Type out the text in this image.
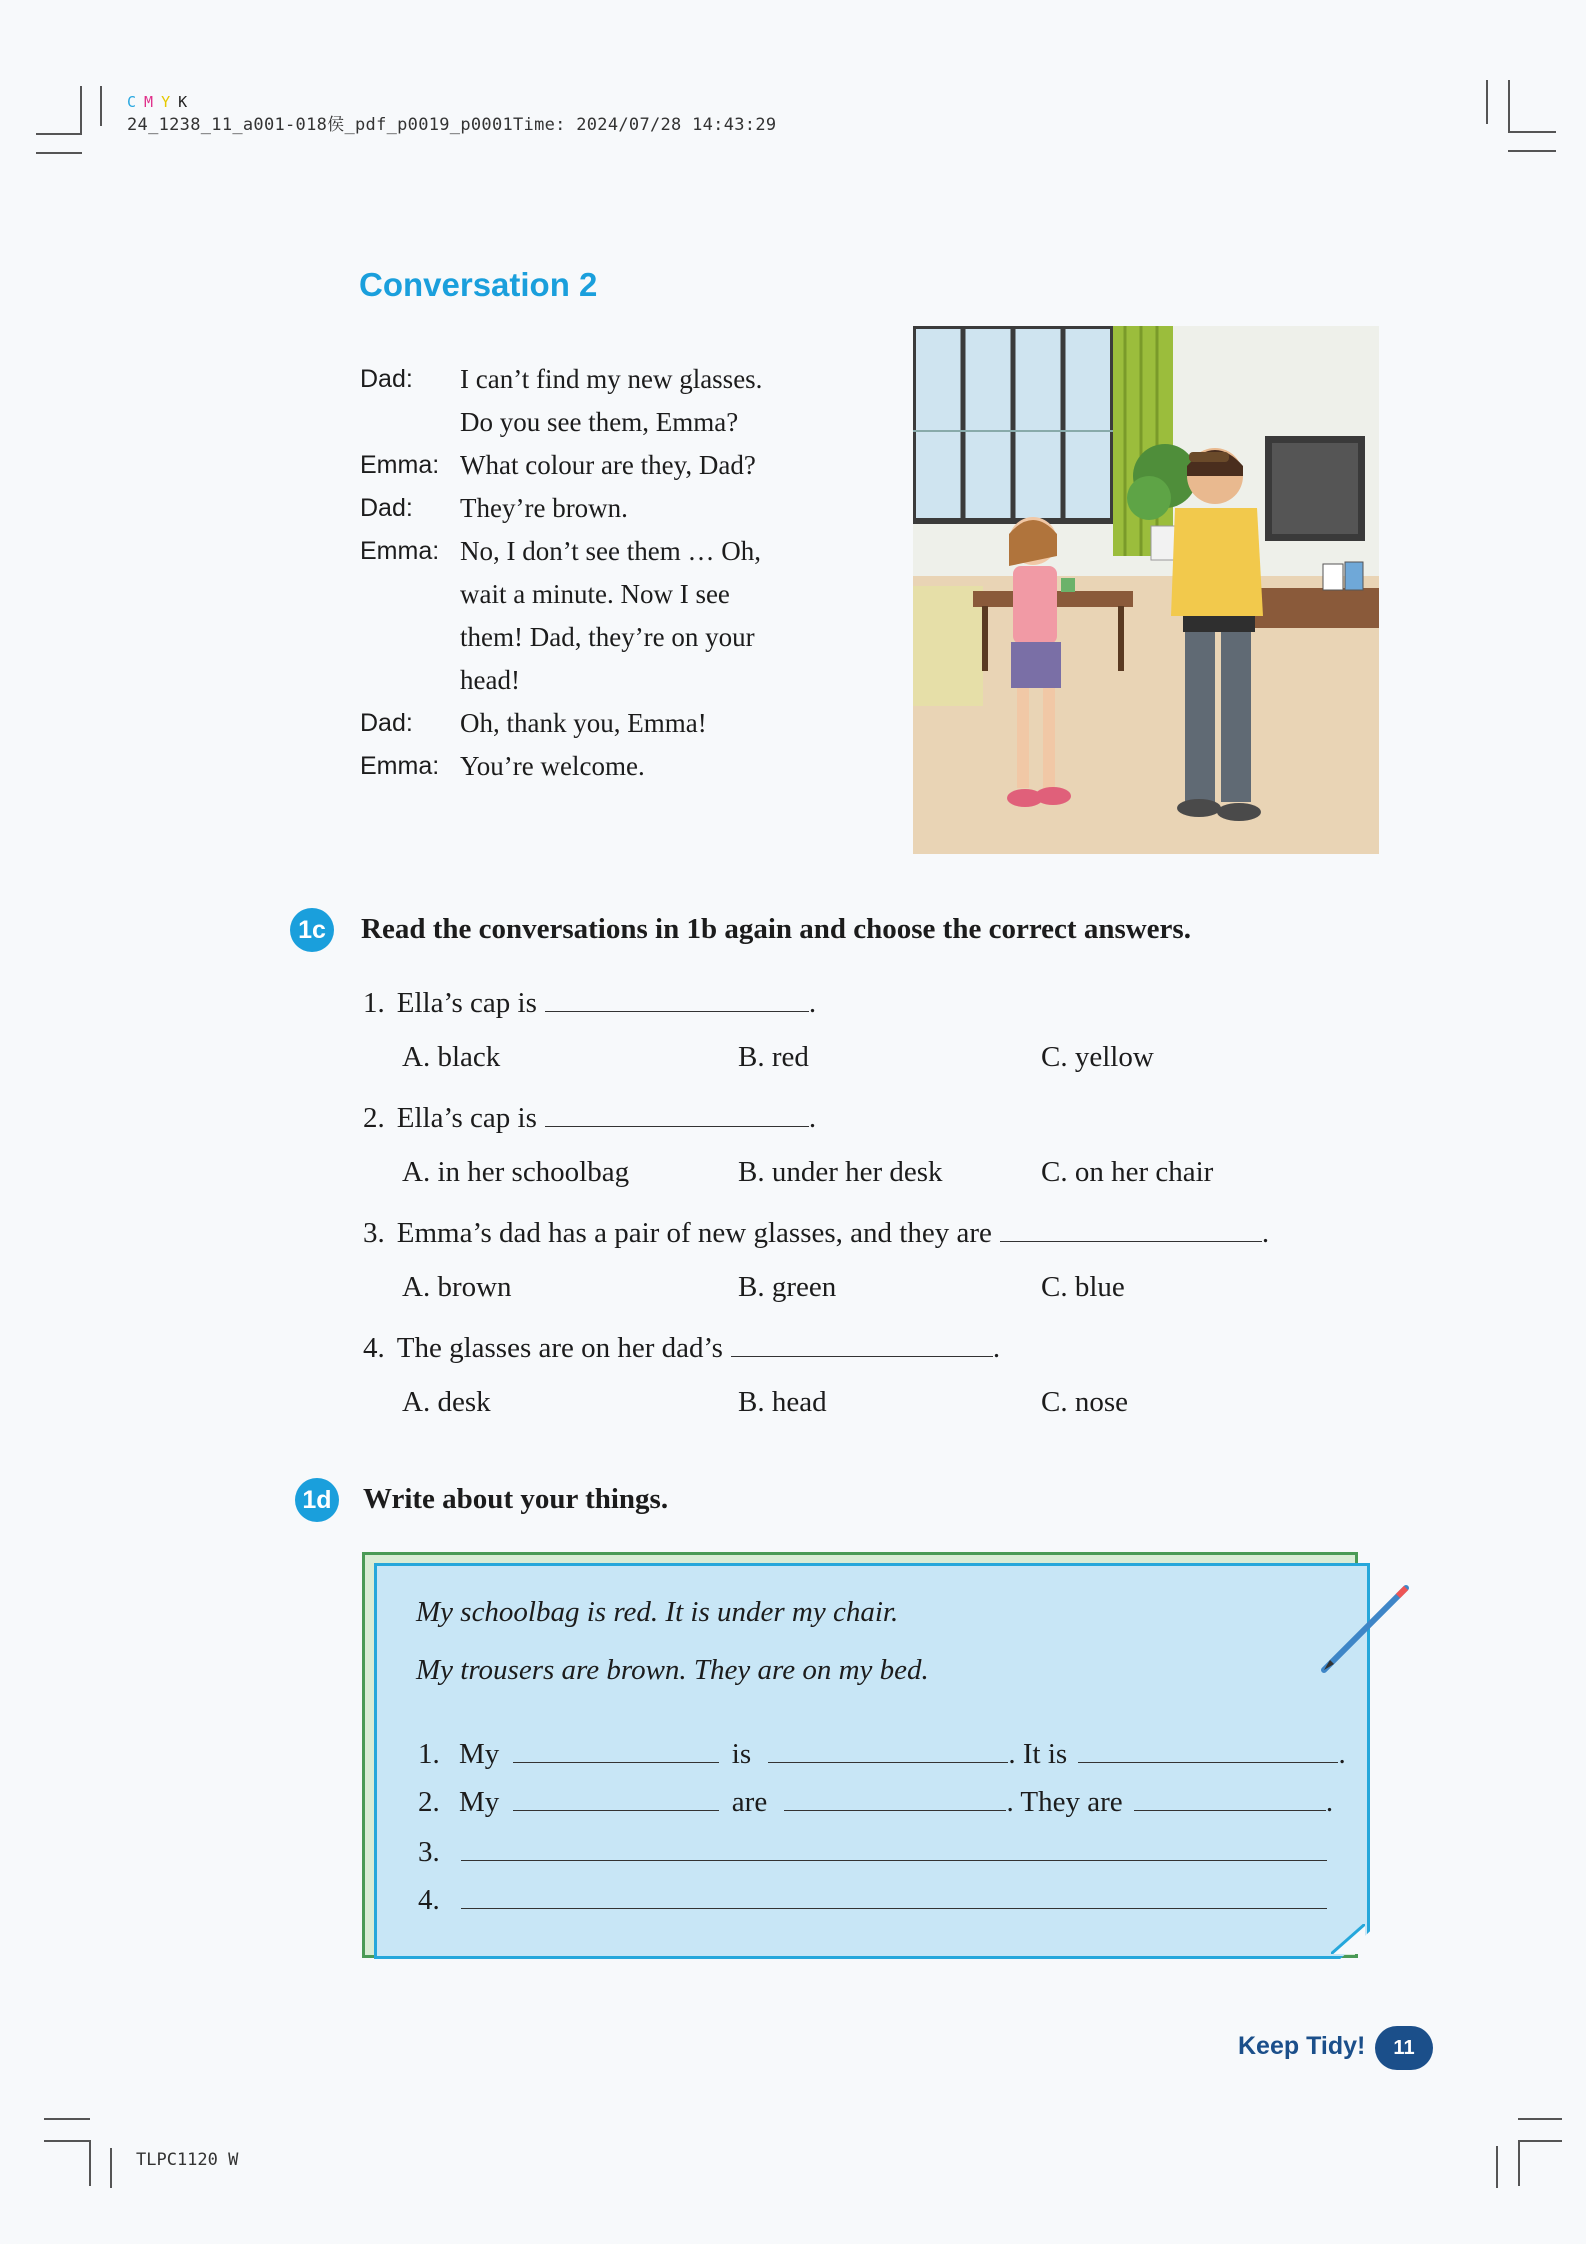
C M Y K
24_1238_11_a001-018侯_pdf_p0019_p0001Time: 2024/07/28 14:43:29
Conversation 2
Dad:	I can’t find my new glasses.
Do you see them, Emma?
Emma: What colour are they, Dad?
Dad:	They’re brown.
Emma: No, I don’t see them … Oh,
wait a minute. Now I see
them! Dad, they’re on your
head!
Dad:	Oh, thank you, Emma!
Emma: You’re welcome.
1c Read the conversations in 1b again and choose the correct answers.
1. Ella’s cap is	.
A. black	B. red	C. yellow
2. Ella’s cap is	.
A. in her schoolbag	B. under her desk	C. on her chair
3. Emma’s dad has a pair of new glasses, and they are	.
A. brown	B. green	C. blue
4. The glasses are on her dad’s	.
A. desk	B. head	C. nose
1d Write about your things.
My schoolbag is red. It is under my chair.
My trousers are brown. They are on my bed.
1. My	is	. It is	.
2. My	are	. They are	.
3.
4.
Keep Tidy!	11
TLPC1120 W
